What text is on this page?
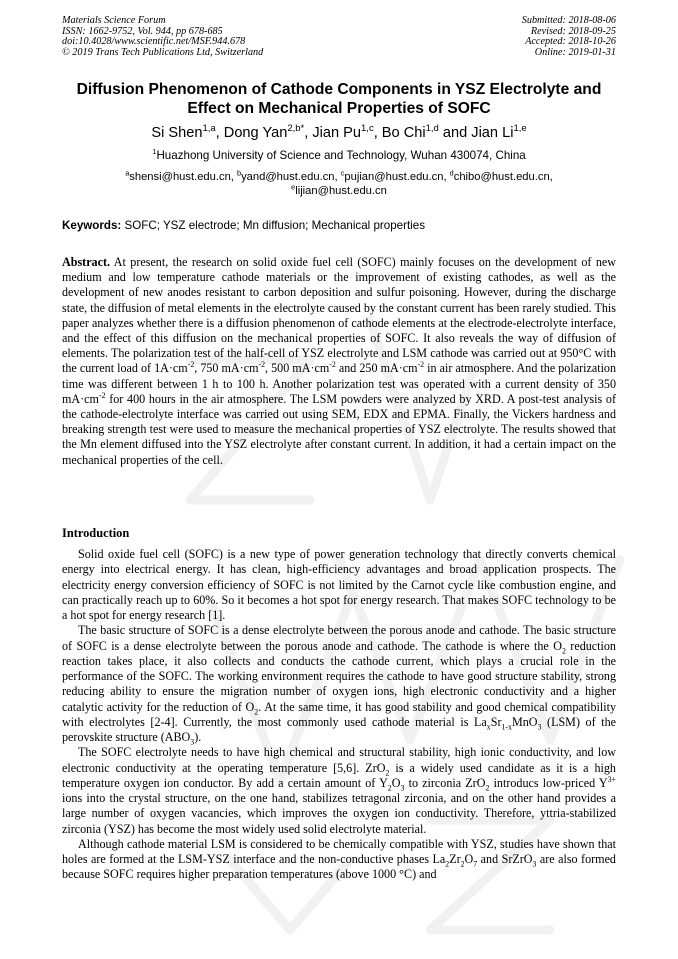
Materials Science Forum
ISSN: 1662-9752, Vol. 944, pp 678-685
doi:10.4028/www.scientific.net/MSF.944.678
© 2019 Trans Tech Publications Ltd, Switzerland
Submitted: 2018-08-06
Revised: 2018-09-25
Accepted: 2018-10-26
Online: 2019-01-31
Diffusion Phenomenon of Cathode Components in YSZ Electrolyte and
Effect on Mechanical Properties of SOFC
Si Shen$^{1,a}$, Dong Yan$^{2,b*}$, Jian Pu$^{1,c}$, Bo Chi$^{1,d}$ and Jian Li$^{1,e}$
$^1$Huazhong University of Science and Technology, Wuhan 430074, China
$^a$shensi@hust.edu.cn, $^b$yand@hust.edu.cn, $^c$pujian@hust.edu.cn, $^d$chibo@hust.edu.cn,
$^e$lijian@hust.edu.cn
Keywords: SOFC; YSZ electrode; Mn diffusion; Mechanical properties

Abstract. At present, the research on solid oxide fuel cell (SOFC) mainly focuses on the development of new medium and low temperature cathode materials or the improvement of existing cathodes, as well as the development of new anodes resistant to carbon deposition and sulfur poisoning. However, during the discharge state, the diffusion of metal elements in the electrolyte caused by the constant current has been rarely studied. This paper analyzes whether there is a diffusion phenomenon of cathode elements at the electrode-electrolyte interface, and the effect of this diffusion on the mechanical properties of SOFC. It also reveals the way of diffusion of elements. The polarization test of the half-cell of YSZ electrolyte and LSM cathode was carried out at 950°C with the current load of $1A\cdot cm^{-2}$, 750 $mA\cdot cm^{-2}$, 500 $mA\cdot cm^{-2}$ and 250 $mA\cdot cm^{-2}$ in air atmosphere. And the polarization time was different between 1 h to 100 h. Another polarization test was operated with a current density of 350 $mA\cdot cm^{-2}$ for 400 hours in the air atmosphere. The LSM powders were analyzed by XRD. A post-test analysis of the cathode-electrolyte interface was carried out using SEM, EDX and EPMA. Finally, the Vickers hardness and breaking strength test were used to measure the mechanical properties of YSZ electrolyte. The results showed that the Mn element diffused into the YSZ electrolyte after constant current. In addition, it had a certain impact on the mechanical properties of the cell.

Introduction

Solid oxide fuel cell (SOFC) is a new type of power generation technology that directly converts chemical energy into electrical energy. It has clean, high-efficiency advantages and broad application prospects. The electricity energy conversion efficiency of SOFC is not limited by the Carnot cycle like combustion engine, and can practically reach up to 60%. So it becomes a hot spot for energy research. That makes SOFC technology to be a hot spot for energy research [1].

The basic structure of SOFC is a dense electrolyte between the porous anode and cathode. The basic structure of SOFC is a dense electrolyte between the porous anode and cathode. The cathode is where the $O_2$ reduction reaction takes place, it also collects and conducts the cathode current, which plays a crucial role in the performance of the SOFC. The working environment requires the cathode to have good structure stability, strong reducing ability to ensure the migration number of oxygen ions, high electronic conductivity and a higher catalytic activity for the reduction of $O_2$. At the same time, it has good stability and good chemical compatibility with electrolytes [2-4]. Currently, the most commonly used cathode material is $La_xSr_{1-x}MnO_3$ (LSM) of the perovskite structure $(ABO_3)$.

The SOFC electrolyte needs to have high chemical and structural stability, high ionic conductivity, and low electronic conductivity at the operating temperature [5,6]. ZrO$_2$ is a widely used candidate as it is a high temperature oxygen ion conductor. By add a certain amount of $Y_2O_3$ to zirconia ZrO$_2$ introducs low-priced $Y^{3+}$ ions into the crystal structure, on the one hand, stabilizes tetragonal zirconia, and on the other hand provides a large number of oxygen vacancies, which improves the oxygen ion conductivity. Therefore, yttria-stabilized zirconia (YSZ) has become the most widely used solid electrolyte material.

Although cathode material LSM is considered to be chemically compatible with YSZ, studies have shown that holes are formed at the LSM-YSZ interface and the non-conductive phases $La_2Zr_2O_7$ and SrZrO$_3$ are also formed because SOFC requires higher preparation temperatures (above 1000 °C) and
